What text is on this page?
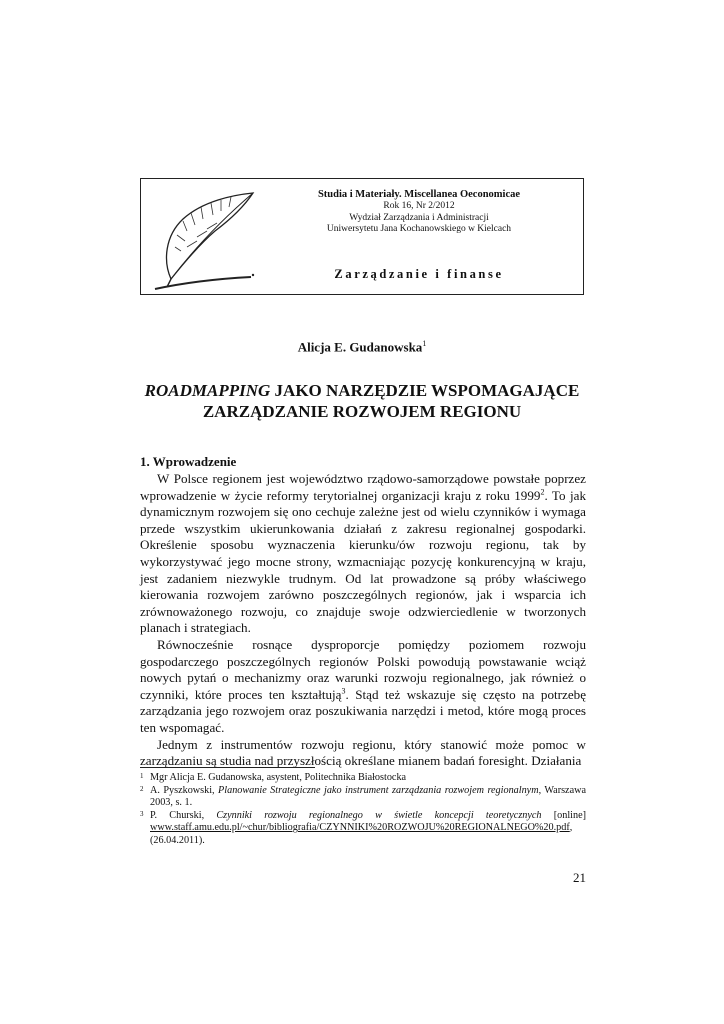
Studia i Materiały. Miscellanea Oeconomicae
Rok 16, Nr 2/2012
Wydział Zarządzania i Administracji
Uniwersytetu Jana Kochanowskiego w Kielcach
Zarządzanie i finanse
Alicja E. Gudanowska$^1$
ROADMAPPING JAKO NARZĘDZIE WSPOMAGAJĄCE
ZARZĄDZANIE ROZWOJEM REGIONU
1. Wprowadzenie

W Polsce regionem jest województwo rządowo-samorządowe powstałe poprzez wprowadzenie w życie reformy terytorialnej organizacji kraju z roku 1999$^2$. To jak dynamicznym rozwojem się ono cechuje zależne jest od wielu czynników i wymaga przede wszystkim ukierunkowania działań z zakresu regionalnej gospodarki. Określenie sposobu wyznaczenia kierunku/ów rozwoju regionu, tak by wykorzystywać jego mocne strony, wzmacniając pozycję konkurencyjną w kraju, jest zadaniem niezwykle trudnym. Od lat prowadzone są próby właściwego kierowania rozwojem zarówno poszczególnych regionów, jak i wsparcia ich zrównoważonego rozwoju, co znajduje swoje odzwierciedlenie w tworzonych planach i strategiach.

Równocześnie rosnące dysproporcje pomiędzy poziomem rozwoju gospodarczego poszczególnych regionów Polski powodują powstawanie wciąż nowych pytań o mechanizmy oraz warunki rozwoju regionalnego, jak również o czynniki, które proces ten kształtują$^3$. Stąd też wskazuje się często na potrzebę zarządzania jego rozwojem oraz poszukiwania narzędzi i metod, które mogą proces ten wspomagać.

Jednym z instrumentów rozwoju regionu, który stanowić może pomoc w zarządzaniu są studia nad przyszłością określane mianem badań foresight. Działania

1 Mgr Alicja E. Gudanowska, asystent, Politechnika Białostocka
2 A. Pyszkowski, Planowanie Strategiczne jako instrument zarządzania rozwojem regionalnym, Warszawa 2003, s. 1.
3 P. Churski, Czynniki rozwoju regionalnego w świetle koncepcji teoretycznych [online] www.staff.amu.edu.pl/~chur/bibliografia/CZYNNIKI%20ROZWOJU%20REGIONALNEGO%20.pdf, (26.04.2011).
21
